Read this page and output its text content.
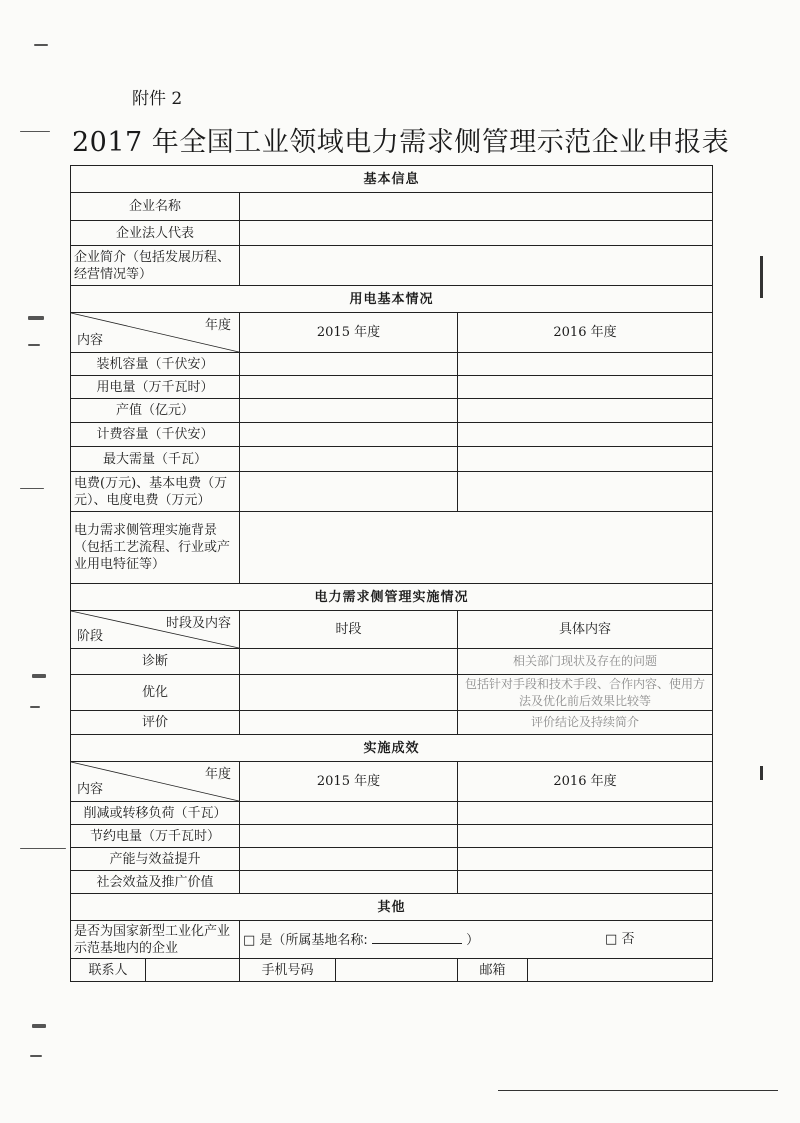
附件 2
2017 年全国工业领域电力需求侧管理示范企业申报表
基本信息					
企业名称					
企业法人代表					
企业简介（包括发展历程、经营情况等）					
用电基本情况					

年度
内容		2015 年度		2016 年度	
装机容量（千伏安）					
用电量（万千瓦时）					
产值（亿元）					
计费容量（千伏安）					
最大需量（千瓦）					
电费(万元)、基本电费（万元）、电度电费（万元）					
电力需求侧管理实施背景（包括工艺流程、行业或产业用电特征等）					
电力需求侧管理实施情况					

时段及内容
阶段		时段		具体内容	
诊断				相关部门现状及存在的问题	
优化				包括针对手段和技术手段、合作内容、使用方法及优化前后效果比较等	
评价				评价结论及持续简介	
实施成效					

年度
内容		2015 年度		2016 年度	
削减或转移负荷（千瓦）					
节约电量（万千瓦时）					
产能与效益提升					
社会效益及推广价值					
其他					
是否为国家新型工业化产业示范基地内的企业		□ 是（所属基地名称: ）			□ 否
联系人		手机号码		邮箱	
